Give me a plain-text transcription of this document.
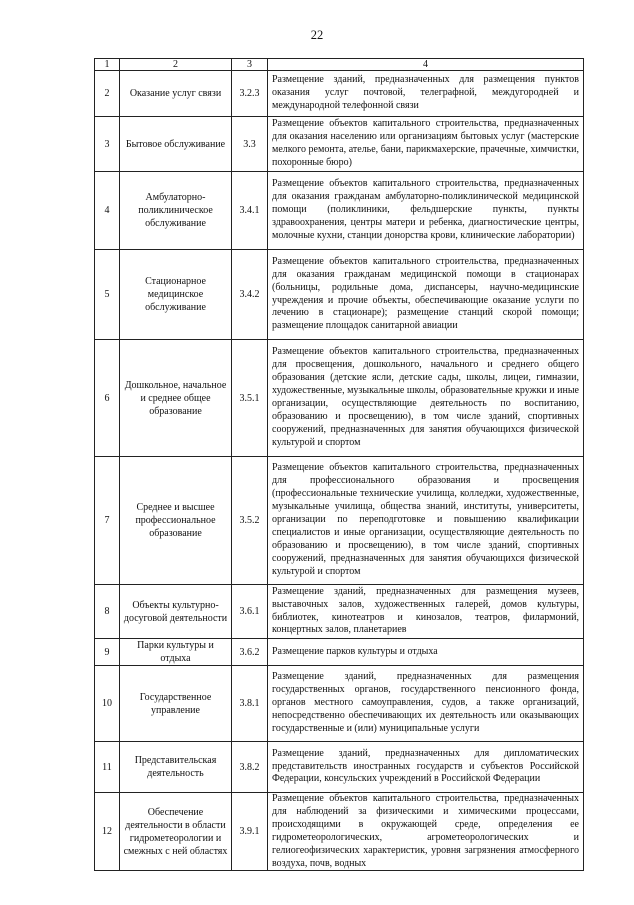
22
1	2	3	4
2	Оказание услуг связи	3.2.3	Размещение зданий, предназначенных для размещения пунктов оказания услуг почтовой, телеграфной, междугородней и международной телефонной связи
3	Бытовое обслуживание	3.3	Размещение объектов капитального строительства, предназначенных для оказания населению или организациям бытовых услуг (мастерские мелкого ремонта, ателье, бани, парикмахерские, прачечные, химчистки, похоронные бюро)
4	Амбулаторно-поликлиническое обслуживание	3.4.1	Размещение объектов капитального строительства, предназначенных для оказания гражданам амбулаторно-поликлинической медицинской помощи (поликлиники, фельдшерские пункты, пункты здравоохранения, центры матери и ребенка, диагностические центры, молочные кухни, станции донорства крови, клинические лаборатории)
5	Стационарное медицинское обслуживание	3.4.2	Размещение объектов капитального строительства, предназначенных для оказания гражданам медицинской помощи в стационарах (больницы, родильные дома, диспансеры, научно-медицинские учреждения и прочие объекты, обеспечивающие оказание услуги по лечению в стационаре); размещение станций скорой помощи; размещение площадок санитарной авиации
6	Дошкольное, начальное и среднее общее образование	3.5.1	Размещение объектов капитального строительства, предназначенных для просвещения, дошкольного, начального и среднего общего образования (детские ясли, детские сады, школы, лицеи, гимназии, художественные, музыкальные школы, образовательные кружки и иные организации, осуществляющие деятельность по воспитанию, образованию и просвещению), в том числе зданий, спортивных сооружений, предназначенных для занятия обучающихся физической культурой и спортом
7	Среднее и высшее профессиональное образование	3.5.2	Размещение объектов капитального строительства, предназначенных для профессионального образования и просвещения (профессиональные технические училища, колледжи, художественные, музыкальные училища, общества знаний, институты, университеты, организации по переподготовке и повышению квалификации специалистов и иные организации, осуществляющие деятельность по образованию и просвещению), в том числе зданий, спортивных сооружений, предназначенных для занятия обучающихся физической культурой и спортом
8	Объекты культурно-досуговой деятельности	3.6.1	Размещение зданий, предназначенных для размещения музеев, выставочных залов, художественных галерей, домов культуры, библиотек, кинотеатров и кинозалов, театров, филармоний, концертных залов, планетариев
9	Парки культуры и отдыха	3.6.2	Размещение парков культуры и отдыха
10	Государственное управление	3.8.1	Размещение зданий, предназначенных для размещения государственных органов, государственного пенсионного фонда, органов местного самоуправления, судов, а также организаций, непосредственно обеспечивающих их деятельность или оказывающих государственные и (или) муниципальные услуги
11	Представительская деятельность	3.8.2	Размещение зданий, предназначенных для дипломатических представительств иностранных государств и субъектов Российской Федерации, консульских учреждений в Российской Федерации
12	Обеспечение деятельности в области гидрометеорологии и смежных с ней областях	3.9.1	Размещение объектов капитального строительства, предназначенных для наблюдений за физическими и химическими процессами, происходящими в окружающей среде, определения ее гидрометеорологических, агрометеорологических и гелиогеофизических характеристик, уровня загрязнения атмосферного воздуха, почв, водных
